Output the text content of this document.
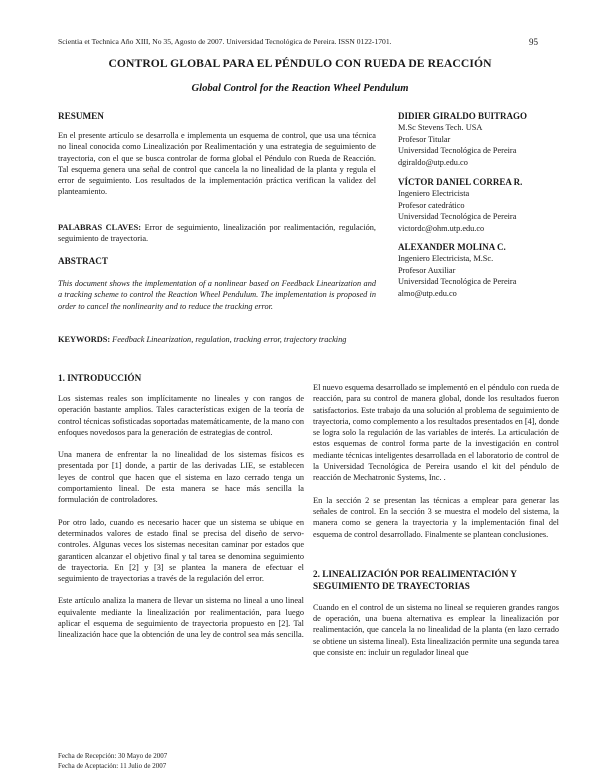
Scientia et Technica Año XIII, No 35, Agosto de 2007. Universidad Tecnológica de Pereira. ISSN 0122-1701.	95
CONTROL GLOBAL PARA EL PÉNDULO CON RUEDA DE REACCIÓN
Global Control for the Reaction Wheel Pendulum
RESUMEN
En el presente artículo se desarrolla e implementa un esquema de control, que usa una técnica no lineal conocida como Linealización por Realimentación y una estrategia de seguimiento de trayectoria, con el que se busca controlar de forma global el Péndulo con Rueda de Reacción. Tal esquema genera una señal de control que cancela la no linealidad de la planta y regula el error de seguimiento. Los resultados de la implementación práctica verifican la validez del planteamiento.
PALABRAS CLAVES: Error de seguimiento, linealización por realimentación, regulación, seguimiento de trayectoria.
ABSTRACT
This document shows the implementation of a nonlinear based on Feedback Linearization and a tracking scheme to control the Reaction Wheel Pendulum. The implementation is proposed in order to cancel the nonlinearity and to reduce the tracking error.
KEYWORDS: Feedback Linearization, regulation, tracking error, trajectory tracking
DIDIER GIRALDO BUITRAGO
M.Sc Stevens Tech. USA
Profesor Titular
Universidad Tecnológica de Pereira
dgiraldo@utp.edu.co
VÍCTOR DANIEL CORREA R.
Ingeniero Electricista
Profesor catedrático
Universidad Tecnológica de Pereira
victordc@ohm.utp.edu.co
ALEXANDER MOLINA C.
Ingeniero Electricista, M.Sc.
Profesor Auxiliar
Universidad Tecnológica de Pereira
almo@utp.edu.co
1. INTRODUCCIÓN

Los sistemas reales son implícitamente no lineales y con rangos de operación bastante amplios. Tales características exigen de la teoría de control técnicas sofisticadas soportadas matemáticamente, de la mano con enfoques novedosos para la generación de estrategias de control.

Una manera de enfrentar la no linealidad de los sistemas físicos es presentada por [1] donde, a partir de las derivadas LIE, se establecen leyes de control que hacen que el sistema en lazo cerrado tenga un comportamiento lineal. De esta manera se hace más sencilla la formulación de controladores.

Por otro lado, cuando es necesario hacer que un sistema se ubique en determinados valores de estado final se precisa del diseño de servo-controles. Algunas veces los sistemas necesitan caminar por estados que garanticen alcanzar el objetivo final y tal tarea se denomina seguimiento de trayectoria. En [2] y [3] se plantea la manera de efectuar el seguimiento de trayectorias a través de la regulación del error.

Este artículo analiza la manera de llevar un sistema no lineal a uno lineal equivalente mediante la linealización por realimentación, para luego aplicar el esquema de seguimiento de trayectoria propuesto en [2]. Tal linealización hace que la obtención de una ley de control sea más sencilla.

El nuevo esquema desarrollado se implementó en el péndulo con rueda de reacción, para su control de manera global, donde los resultados fueron satisfactorios. Este trabajo da una solución al problema de seguimiento de trayectoria, como complemento a los resultados presentados en [4], donde se logra solo la regulación de las variables de interés. La articulación de estos esquemas de control forma parte de la investigación en control mediante técnicas inteligentes desarrollada en el laboratorio de control de la Universidad Tecnológica de Pereira usando el kit del péndulo de reacción de Mechatronic Systems, Inc. .

En la sección 2 se presentan las técnicas a emplear para generar las señales de control. En la sección 3 se muestra el modelo del sistema, la manera como se genera la trayectoria y la implementación final del esquema de control desarrollado. Finalmente se plantean conclusiones.

2. LINEALIZACIÓN POR REALIMENTACIÓN Y SEGUIMIENTO DE TRAYECTORIAS

Cuando en el control de un sistema no lineal se requieren grandes rangos de operación, una buena alternativa es emplear la linealización por realimentación, que cancela la no linealidad de la planta (en lazo cerrado se obtiene un sistema lineal). Esta linealización permite una segunda tarea que consiste en: incluir un regulador lineal que

Fecha de Recepción: 30 Mayo de 2007
Fecha de Aceptación: 11 Julio de 2007
